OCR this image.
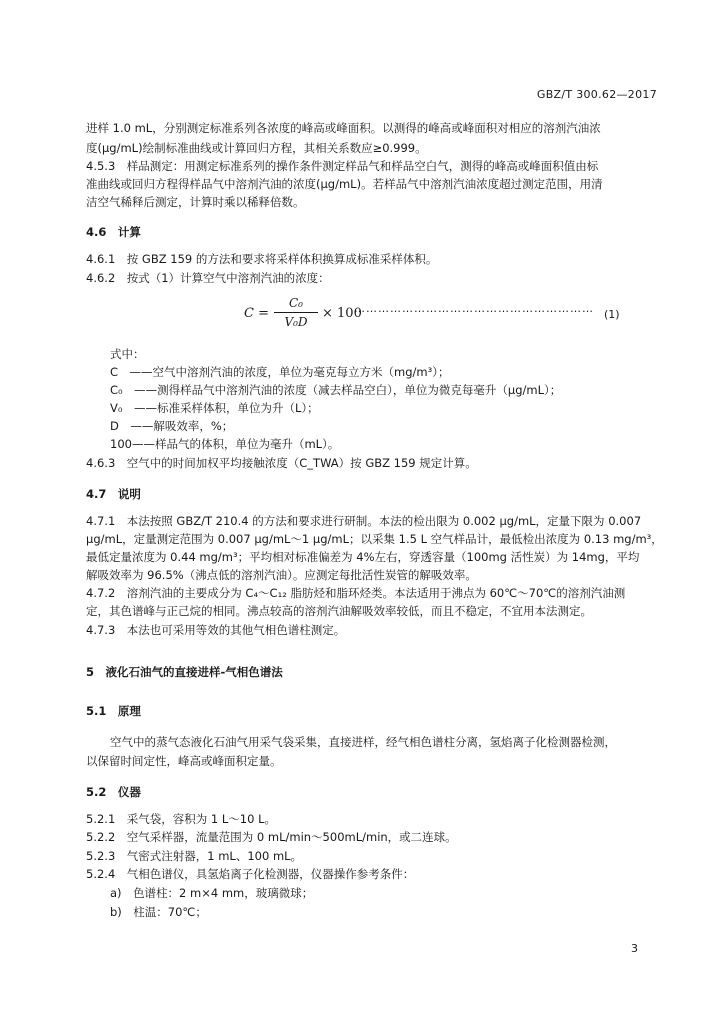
GBZ/T 300.62—2017
进样 1.0 mL，分别测定标准系列各浓度的峰高或峰面积。以测得的峰高或峰面积对相应的溶剂汽油浓
度(μg/mL)绘制标准曲线或计算回归方程，其相关系数应≥0.999。
4.5.3　样品测定：用测定标准系列的操作条件测定样品气和样品空白气，测得的峰高或峰面积值由标
准曲线或回归方程得样品气中溶剂汽油的浓度(μg/mL)。若样品气中溶剂汽油浓度超过测定范围，用清
洁空气稀释后测定，计算时乘以稀释倍数。
4.6　计算
4.6.1　按 GBZ 159 的方法和要求将采样体积换算成标准采样体积。
4.6.2　按式（1）计算空气中溶剂汽油的浓度：
C =
C₀
V₀D
× 100
…………………………………………………… (1)
式中：
C　——空气中溶剂汽油的浓度，单位为毫克每立方米（mg/m³）；
C₀　——测得样品气中溶剂汽油的浓度（减去样品空白），单位为微克每毫升（μg/mL）；
V₀　——标准采样体积，单位为升（L）；
D　——解吸效率，%；
100——样品气的体积，单位为毫升（mL）。
4.6.3　空气中的时间加权平均接触浓度（C_TWA）按 GBZ 159 规定计算。
4.7　说明
4.7.1　本法按照 GBZ/T 210.4 的方法和要求进行研制。本法的检出限为 0.002 μg/mL，定量下限为 0.007
μg/mL，定量测定范围为 0.007 μg/mL～1 μg/mL；以采集 1.5 L 空气样品计，最低检出浓度为 0.13 mg/m³，
最低定量浓度为 0.44 mg/m³；平均相对标准偏差为 4%左右，穿透容量（100mg 活性炭）为 14mg，平均
解吸效率为 96.5%（沸点低的溶剂汽油）。应测定每批活性炭管的解吸效率。
4.7.2　溶剂汽油的主要成分为 C₄～C₁₂ 脂肪烃和脂环烃类。本法适用于沸点为 60℃～70℃的溶剂汽油测
定，其色谱峰与正己烷的相同。沸点较高的溶剂汽油解吸效率较低，而且不稳定，不宜用本法测定。
4.7.3　本法也可采用等效的其他气相色谱柱测定。
5　液化石油气的直接进样-气相色谱法
5.1　原理
空气中的蒸气态液化石油气用采气袋采集，直接进样，经气相色谱柱分离，氢焰离子化检测器检测，
以保留时间定性，峰高或峰面积定量。
5.2　仪器
5.2.1　采气袋，容积为 1 L～10 L。
5.2.2　空气采样器，流量范围为 0 mL/min～500mL/min，或二连球。
5.2.3　气密式注射器，1 mL、100 mL。
5.2.4　气相色谱仪，具氢焰离子化检测器，仪器操作参考条件：
a)　色谱柱：2 m×4 mm，玻璃微球；
b)　柱温：70℃；
3
